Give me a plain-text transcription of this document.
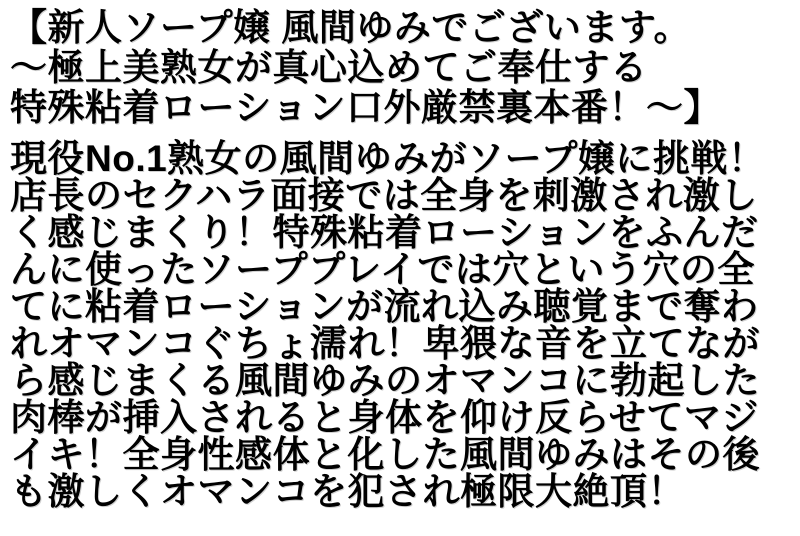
【新人ソープ嬢 風間ゆみでございます。
～極上美熟女が真心込めてご奉仕する
特殊粘着ローション口外厳禁裏本番！～】
現役No.1熟女の風間ゆみがソープ嬢に挑戦！
店長のセクハラ面接では全身を刺激され激し
く感じまくり！特殊粘着ローションをふんだ
んに使ったソーププレイでは穴という穴の全
てに粘着ローションが流れ込み聴覚まで奪わ
れオマンコぐちょ濡れ！卑猥な音を立てなが
ら感じまくる風間ゆみのオマンコに勃起した
肉棒が挿入されると身体を仰け反らせてマジ
イキ！全身性感体と化した風間ゆみはその後
も激しくオマンコを犯され極限大絶頂！
